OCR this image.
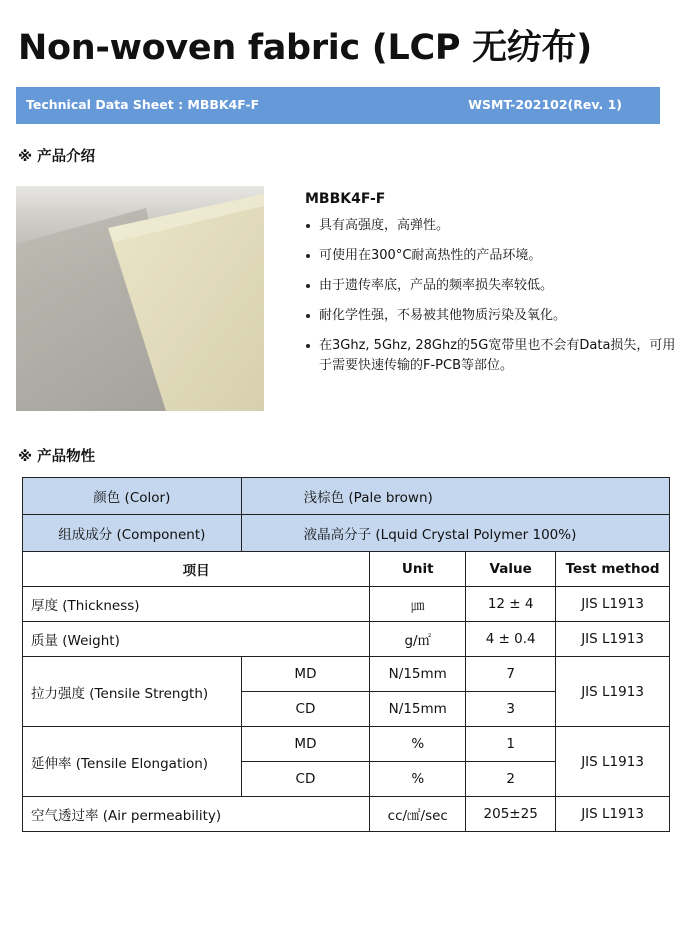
Non-woven fabric (LCP 无纺布)
Technical Data Sheet : MBBK4F-F	WSMT-202102(Rev. 1)
※ 产品介绍
MBBK4F-F
具有高强度，高弹性。
可使用在300°C耐高热性的产品环境。
由于遗传率底，产品的频率损失率较低。
耐化学性强，不易被其他物质污染及氧化。
在3Ghz, 5Ghz, 28Ghz的5G宽带里也不会有Data损失，可用于需要快速传输的F-PCB等部位。
※ 产品物性
颜色 (Color)	浅棕色 (Pale brown)			
组成成分 (Component)	液晶高分子 (Lquid Crystal Polymer 100%)			
项目		Unit	Value	Test method
厚度 (Thickness)		㎛	12 ± 4	JIS L1913
质量 (Weight)		g/㎡	4 ± 0.4	JIS L1913
拉力强度 (Tensile Strength)	MD	N/15mm	7	JIS L1913
	CD	N/15mm	3	
延伸率 (Tensile Elongation)	MD	%	1	JIS L1913
	CD	%	2	
空气透过率 (Air permeability)		cc/㎠/sec	205±25	JIS L1913
